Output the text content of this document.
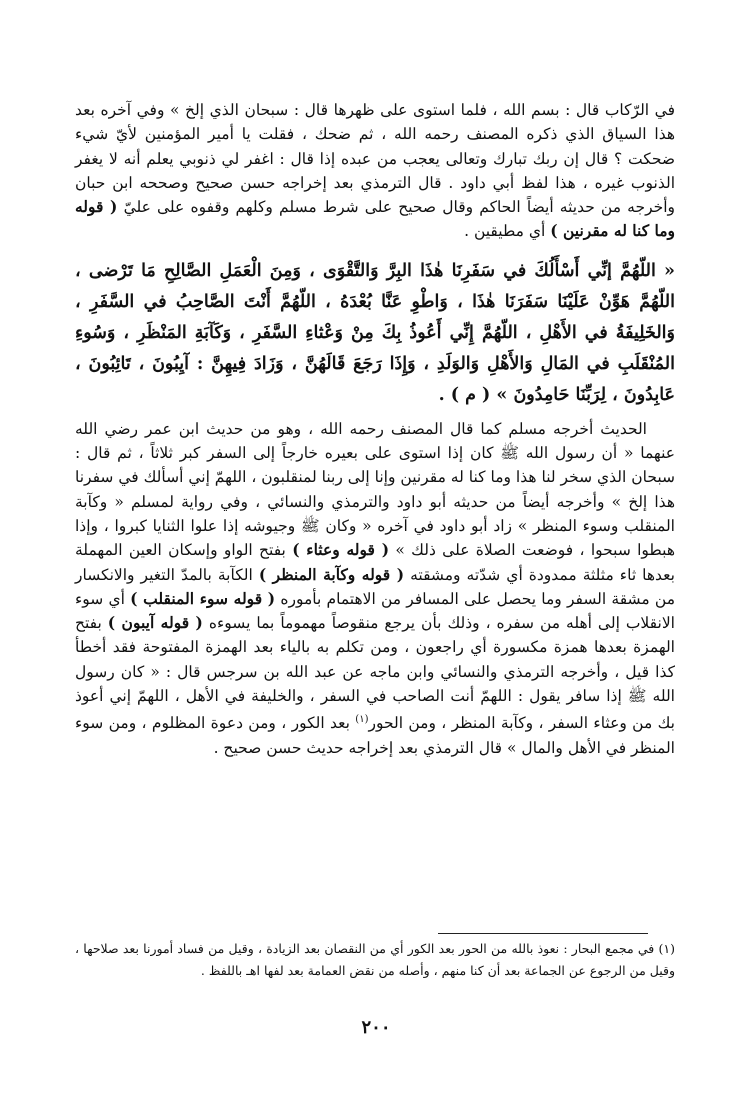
في الرّكاب قال : بسم الله ، فلما استوى على ظهرها قال : سبحان الذي إلخ » وفي آخره بعد هذا السياق الذي ذكره المصنف رحمه الله ، ثم ضحك ، فقلت يا أمير المؤمنين لأيّ شيء ضحكت ؟ قال إن ربك تبارك وتعالى يعجب من عبده إذا قال : اغفر لي ذنوبي يعلم أنه لا يغفر الذنوب غيره ، هذا لفظ أبي داود . قال الترمذي بعد إخراجه حسن صحيح وصححه ابن حبان وأخرجه من حديثه أيضاً الحاكم وقال صحيح على شرط مسلم وكلهم وقفوه على عليّ ( قوله وما كنا له مقرنين ) أي مطيقين .

« اللّهُمَّ إنِّي أَسْأَلُكَ في سَفَرِنَا هٰذَا البِرَّ وَالتَّقْوَى ، وَمِنَ الْعَمَلِ الصَّالِحِ مَا تَرْضى ، اللّهُمَّ هَوِّنْ عَلَيْنَا سَفَرَنَا هٰذَا ، وَاطْوِ عَنَّا بُعْدَهُ ، اللّهُمَّ أَنْتَ الصَّاحِبُ في السَّفَرِ ، وَالخَلِيفَةُ في الأَهْلِ ، اللّهُمَّ إِنِّي أَعُوذُ بِكَ مِنْ وَعْثاءِ السَّفَرِ ، وَكَآبَةِ المَنْظَرِ ، وَسُوءِ المُنْقَلَبِ في المَالِ وَالأَهْلِ وَالوَلَدِ ، وَإِذَا رَجَعَ قَالَهُنَّ ، وَزَادَ فِيهِنَّ : آيِبُونَ ، تَائِبُونَ ، عَابِدُونَ ، لِرَبِّنَا حَامِدُونَ » ( م ) .

الحديث أخرجه مسلم كما قال المصنف رحمه الله ، وهو من حديث ابن عمر رضي الله عنهما « أن رسول الله ﷺ كان إذا استوى على بعيره خارجاً إلى السفر كبر ثلاثاً ، ثم قال : سبحان الذي سخر لنا هذا وما كنا له مقرنين وإنا إلى ربنا لمنقلبون ، اللهمّ إني أسألك في سفرنا هذا إلخ » وأخرجه أيضاً من حديثه أبو داود والترمذي والنسائي ، وفي رواية لمسلم « وكآبة المنقلب وسوء المنظر » زاد أبو داود في آخره « وكان ﷺ وجيوشه إذا علوا الثنايا كبروا ، وإذا هبطوا سبحوا ، فوضعت الصلاة على ذلك » ( قوله وعثاء ) بفتح الواو وإسكان العين المهملة بعدها ثاء مثلثة ممدودة أي شدّته ومشقته ( قوله وكآبة المنظر ) الكآبة بالمدّ التغير والانكسار من مشقة السفر وما يحصل على المسافر من الاهتمام بأموره ( قوله سوء المنقلب ) أي سوء الانقلاب إلى أهله من سفره ، وذلك بأن يرجع منقوصاً مهموماً بما يسوءه ( قوله آيبون ) بفتح الهمزة بعدها همزة مكسورة أي راجعون ، ومن تكلم به بالياء بعد الهمزة المفتوحة فقد أخطأ كذا قيل ، وأخرجه الترمذي والنسائي وابن ماجه عن عبد الله بن سرجس قال : « كان رسول الله ﷺ إذا سافر يقول : اللهمّ أنت الصاحب في السفر ، والخليفة في الأهل ، اللهمّ إني أعوذ بك من وعثاء السفر ، وكآبة المنظر ، ومن الحور$^{(١)}$ بعد الكور ، ومن دعوة المظلوم ، ومن سوء المنظر في الأهل والمال » قال الترمذي بعد إخراجه حديث حسن صحيح .

(١) في مجمع البحار : نعوذ بالله من الحور بعد الكور أي من النقصان بعد الزيادة ، وقيل من فساد أمورنا بعد صلاحها ، وقيل من الرجوع عن الجماعة بعد أن كنا منهم ، وأصله من نقض العمامة بعد لفها اهـ باللفظ .

٢٠٠
